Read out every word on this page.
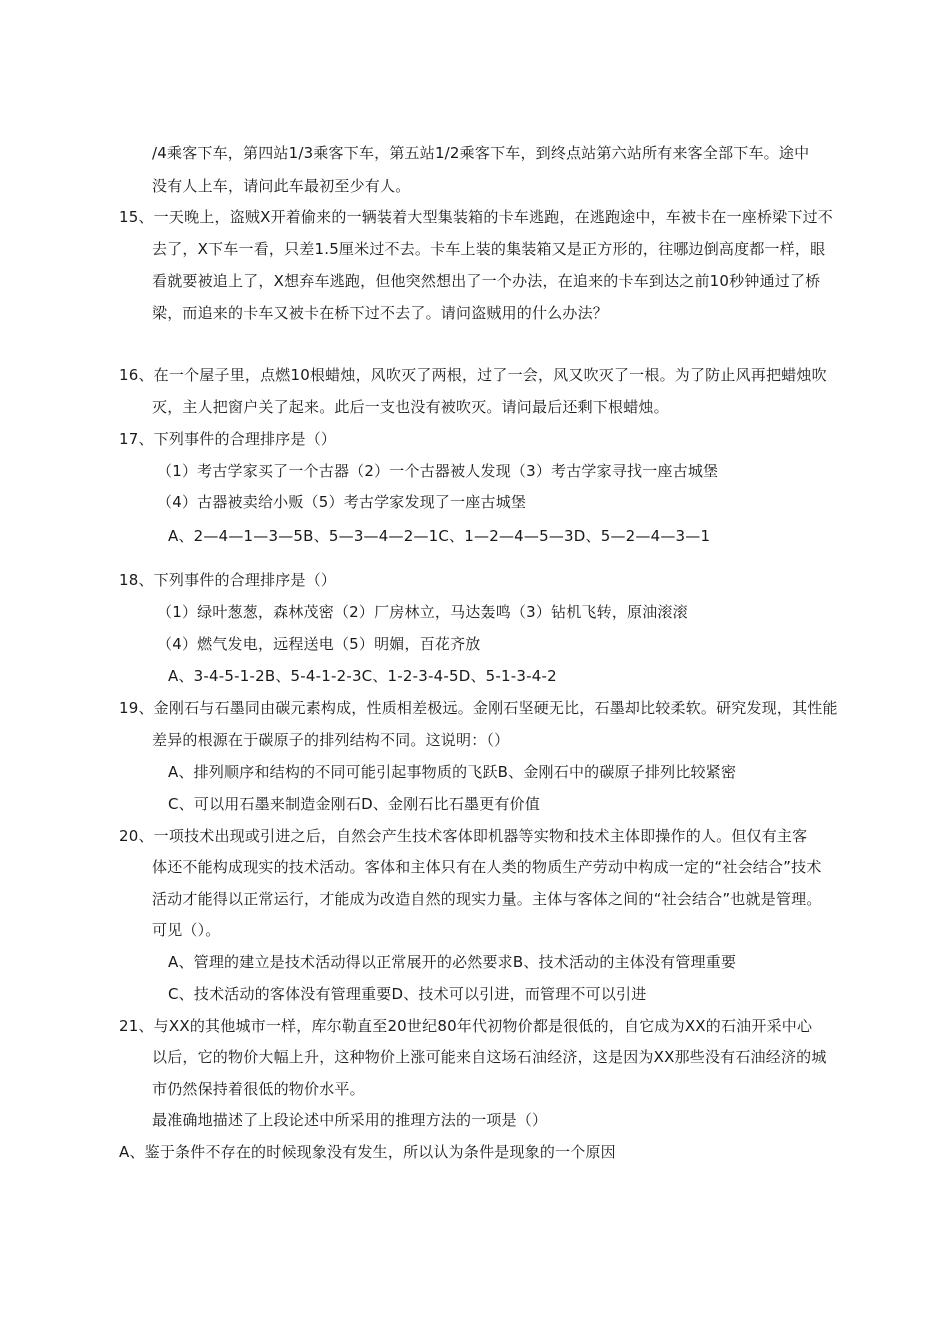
/4乘客下车，第四站1/3乘客下车，第五站1/2乘客下车，到终点站第六站所有来客全部下车。途中
没有人上车，请问此车最初至少有人。
15、一天晚上，盗贼X开着偷来的一辆装着大型集装箱的卡车逃跑，在逃跑途中，车被卡在一座桥梁下过不
去了，X下车一看，只差1.5厘米过不去。卡车上装的集装箱又是正方形的，往哪边倒高度都一样，眼
看就要被追上了，X想弃车逃跑，但他突然想出了一个办法，在追来的卡车到达之前10秒钟通过了桥
梁，而追来的卡车又被卡在桥下过不去了。请问盗贼用的什么办法？
16、在一个屋子里，点燃10根蜡烛，风吹灭了两根，过了一会，风又吹灭了一根。为了防止风再把蜡烛吹
灭，主人把窗户关了起来。此后一支也没有被吹灭。请问最后还剩下根蜡烛。
17、下列事件的合理排序是（）
（1）考古学家买了一个古器（2）一个古器被人发现（3）考古学家寻找一座古城堡
（4）古器被卖给小贩（5）考古学家发现了一座古城堡
A、2—4—1—3—5B、5—3—4—2—1C、1—2—4—5—3D、5—2—4—3—1
18、下列事件的合理排序是（）
（1）绿叶葱葱，森林茂密（2）厂房林立，马达轰鸣（3）钻机飞转，原油滚滚
（4）燃气发电，远程送电（5）明媚，百花齐放
A、3-4-5-1-2B、5-4-1-2-3C、1-2-3-4-5D、5-1-3-4-2
19、金刚石与石墨同由碳元素构成，性质相差极远。金刚石坚硬无比，石墨却比较柔软。研究发现，其性能
差异的根源在于碳原子的排列结构不同。这说明：（）
A、排列顺序和结构的不同可能引起事物质的飞跃B、金刚石中的碳原子排列比较紧密
C、可以用石墨来制造金刚石D、金刚石比石墨更有价值
20、一项技术出现或引进之后，自然会产生技术客体即机器等实物和技术主体即操作的人。但仅有主客
体还不能构成现实的技术活动。客体和主体只有在人类的物质生产劳动中构成一定的“社会结合”技术
活动才能得以正常运行，才能成为改造自然的现实力量。主体与客体之间的“社会结合”也就是管理。
可见（）。
A、管理的建立是技术活动得以正常展开的必然要求B、技术活动的主体没有管理重要
C、技术活动的客体没有管理重要D、技术可以引进，而管理不可以引进
21、与XX的其他城市一样，库尔勒直至20世纪80年代初物价都是很低的，自它成为XX的石油开采中心
以后，它的物价大幅上升，这种物价上涨可能来自这场石油经济，这是因为XX那些没有石油经济的城
市仍然保持着很低的物价水平。
最准确地描述了上段论述中所采用的推理方法的一项是（）
A、鉴于条件不存在的时候现象没有发生，所以认为条件是现象的一个原因
